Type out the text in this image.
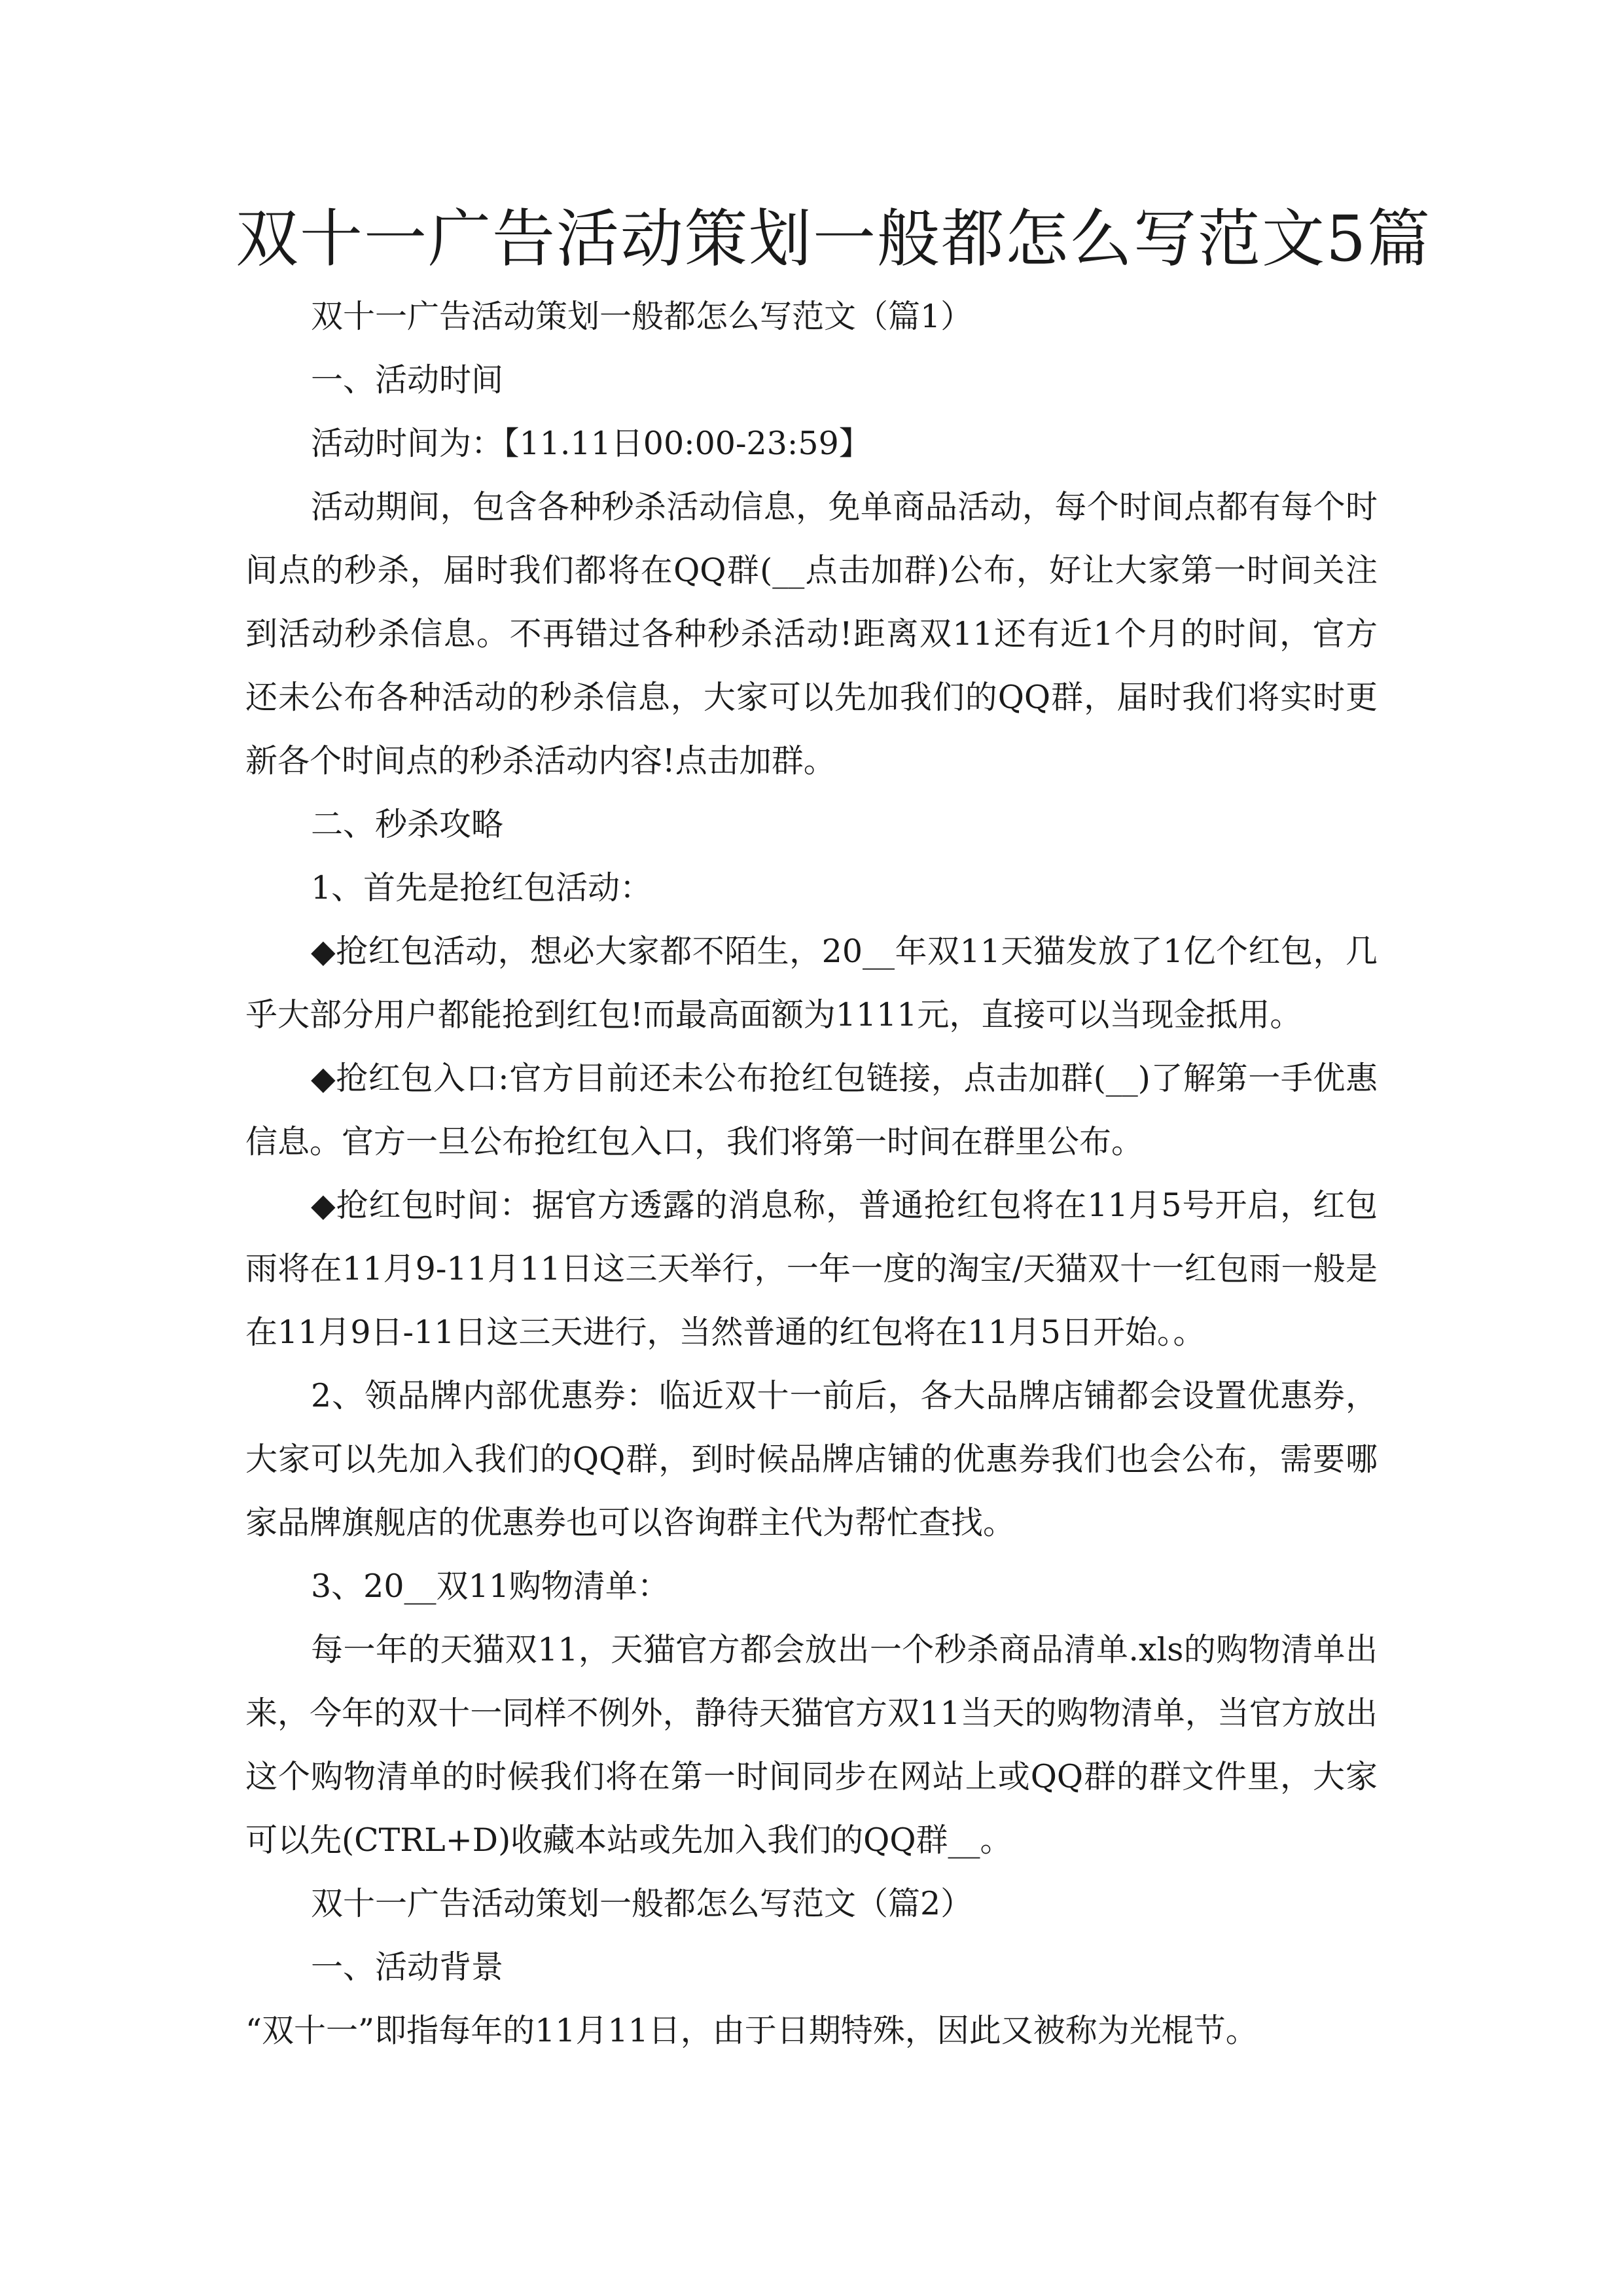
双十一广告活动策划一般都怎么写范文5篇

双十一广告活动策划一般都怎么写范文（篇1）

一、活动时间

活动时间为：【11.11日00:00-23:59】

活动期间，包含各种秒杀活动信息，免单商品活动，每个时间点都有每个时间点的秒杀，届时我们都将在QQ群(__点击加群)公布，好让大家第一时间关注到活动秒杀信息。不再错过各种秒杀活动!距离双11还有近1个月的时间，官方还未公布各种活动的秒杀信息，大家可以先加我们的QQ群，届时我们将实时更新各个时间点的秒杀活动内容!点击加群。

二、秒杀攻略

1、首先是抢红包活动：

◆抢红包活动，想必大家都不陌生，20__年双11天猫发放了1亿个红包，几乎大部分用户都能抢到红包!而最高面额为1111元，直接可以当现金抵用。

◆抢红包入口:官方目前还未公布抢红包链接，点击加群(__)了解第一手优惠信息。官方一旦公布抢红包入口，我们将第一时间在群里公布。

◆抢红包时间：据官方透露的消息称，普通抢红包将在11月5号开启，红包雨将在11月9-11月11日这三天举行，一年一度的淘宝/天猫双十一红包雨一般是在11月9日-11日这三天进行，当然普通的红包将在11月5日开始。。

2、领品牌内部优惠券：临近双十一前后，各大品牌店铺都会设置优惠券，大家可以先加入我们的QQ群，到时候品牌店铺的优惠券我们也会公布，需要哪家品牌旗舰店的优惠券也可以咨询群主代为帮忙查找。

3、20__双11购物清单：

每一年的天猫双11，天猫官方都会放出一个秒杀商品清单.xls的购物清单出来，今年的双十一同样不例外，静待天猫官方双11当天的购物清单，当官方放出这个购物清单的时候我们将在第一时间同步在网站上或QQ群的群文件里，大家可以先(CTRL+D)收藏本站或先加入我们的QQ群__。

双十一广告活动策划一般都怎么写范文（篇2）

一、活动背景

“双十一”即指每年的11月11日，由于日期特殊，因此又被称为光棍节。
